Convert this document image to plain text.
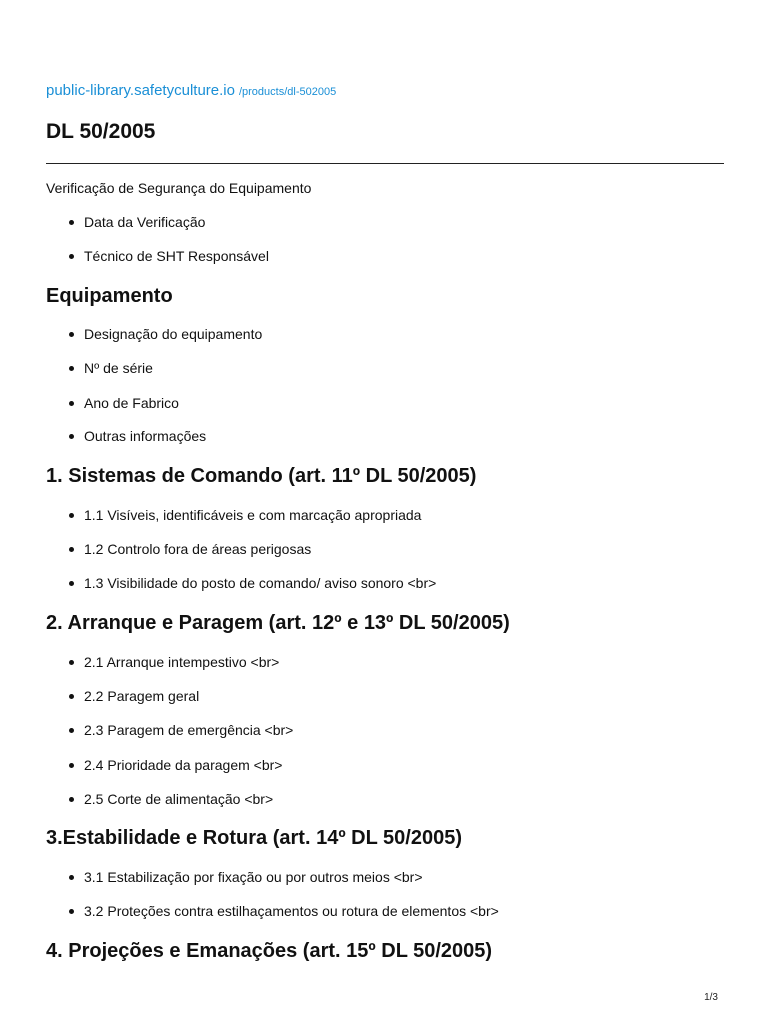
public-library.safetyculture.io /products/dl-502005
DL 50/2005
Verificação de Segurança do Equipamento
Data da Verificação
Técnico de SHT Responsável
Equipamento
Designação do equipamento
Nº de série
Ano de Fabrico
Outras informações
1. Sistemas de Comando (art. 11º DL 50/2005)
1.1 Visíveis, identificáveis e com marcação apropriada
1.2 Controlo fora de áreas perigosas
1.3 Visibilidade do posto de comando/ aviso sonoro <br>
2. Arranque e Paragem (art. 12º e 13º DL 50/2005)
2.1 Arranque intempestivo <br>
2.2 Paragem geral
2.3 Paragem de emergência <br>
2.4 Prioridade da paragem <br>
2.5 Corte de alimentação <br>
3.Estabilidade e Rotura (art. 14º DL 50/2005)
3.1 Estabilização por fixação ou por outros meios <br>
3.2 Proteções contra estilhaçamentos ou rotura de elementos <br>
4. Projeções e Emanações (art. 15º DL 50/2005)
1/3
